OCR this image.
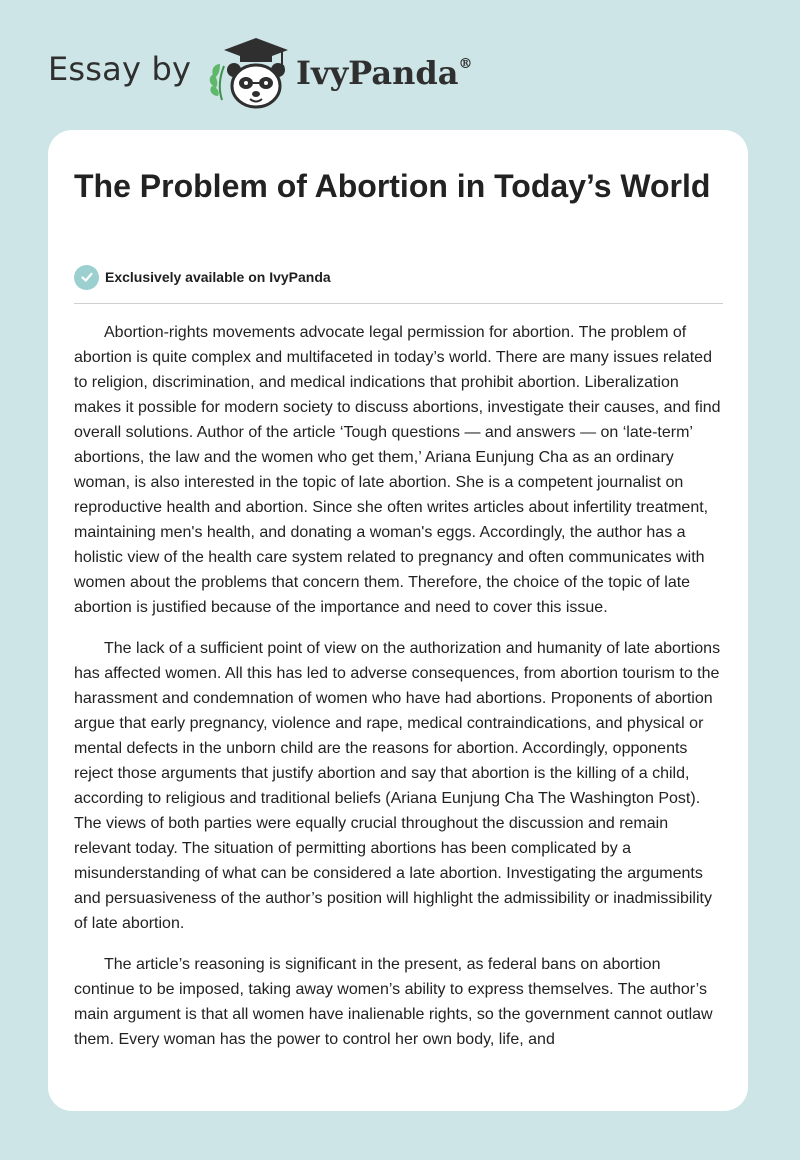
Essay by	IvyPanda®
The Problem of Abortion in Today’s World
Exclusively available on IvyPanda

Abortion-rights movements advocate legal permission for abortion. The problem of abortion is quite complex and multifaceted in today’s world. There are many issues related to religion, discrimination, and medical indications that prohibit abortion. Liberalization makes it possible for modern society to discuss abortions, investigate their causes, and find overall solutions. Author of the article ‘Tough questions — and answers — on ‘late-term’ abortions, the law and the women who get them,’ Ariana Eunjung Cha as an ordinary woman, is also interested in the topic of late abortion. She is a competent journalist on reproductive health and abortion. Since she often writes articles about infertility treatment, maintaining men's health, and donating a woman's eggs. Accordingly, the author has a holistic view of the health care system related to pregnancy and often communicates with women about the problems that concern them. Therefore, the choice of the topic of late abortion is justified because of the importance and need to cover this issue.

The lack of a sufficient point of view on the authorization and humanity of late abortions has affected women. All this has led to adverse consequences, from abortion tourism to the harassment and condemnation of women who have had abortions. Proponents of abortion argue that early pregnancy, violence and rape, medical contraindications, and physical or mental defects in the unborn child are the reasons for abortion. Accordingly, opponents reject those arguments that justify abortion and say that abortion is the killing of a child, according to religious and traditional beliefs (Ariana Eunjung Cha The Washington Post). The views of both parties were equally crucial throughout the discussion and remain relevant today. The situation of permitting abortions has been complicated by a misunderstanding of what can be considered a late abortion. Investigating the arguments and persuasiveness of the author’s position will highlight the admissibility or inadmissibility of late abortion.

The article’s reasoning is significant in the present, as federal bans on abortion continue to be imposed, taking away women’s ability to express themselves. The author’s main argument is that all women have inalienable rights, so the government cannot outlaw them. Every woman has the power to control her own body, life, and
